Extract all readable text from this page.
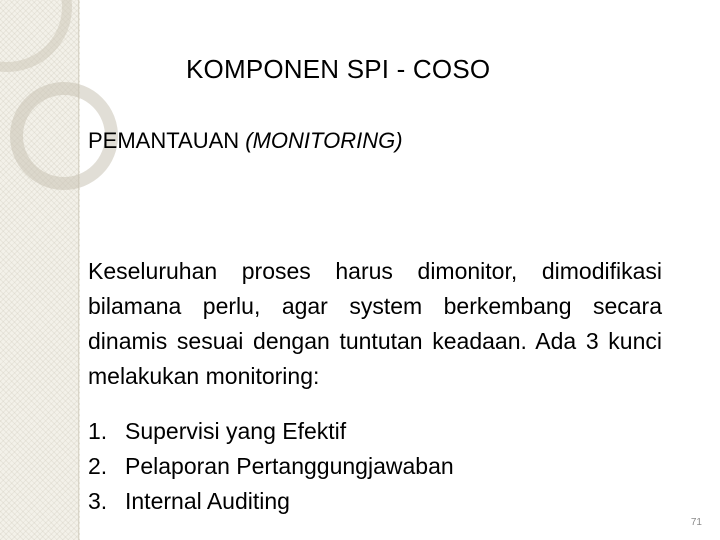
KOMPONEN SPI - COSO
PEMANTAUAN (MONITORING)

Keseluruhan proses harus dimonitor, dimodifikasi bilamana perlu, agar system berkembang secara dinamis sesuai dengan tuntutan keadaan. Ada 3 kunci melakukan monitoring:

1. Supervisi yang Efektif
2. Pelaporan Pertanggungjawaban
3. Internal Auditing
71
